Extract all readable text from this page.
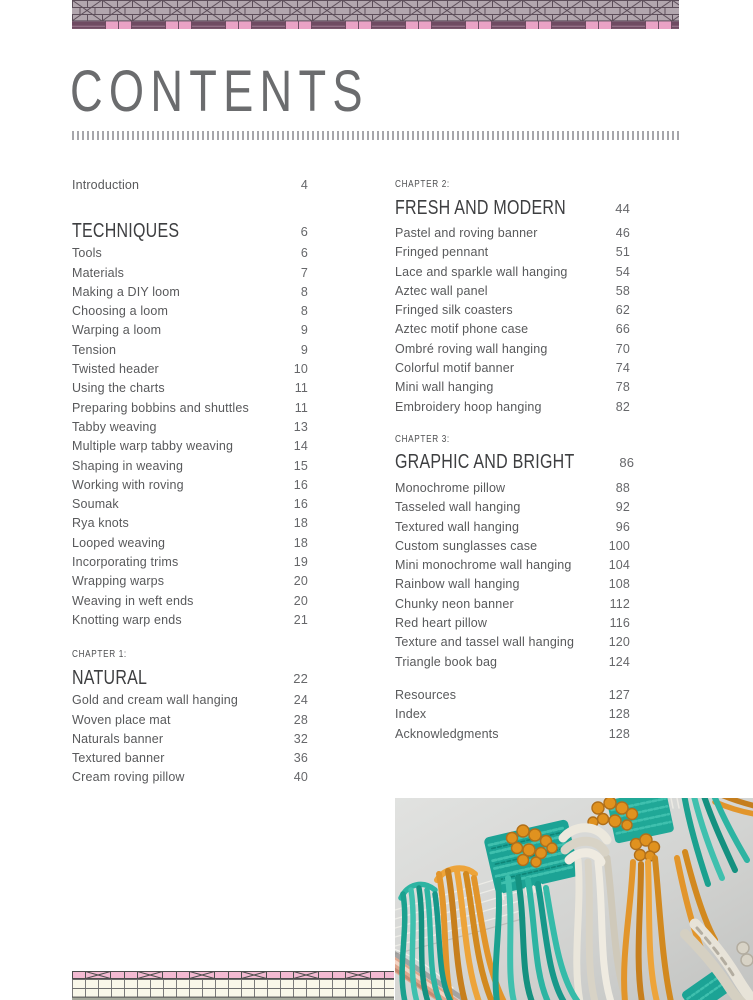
CONTENTS
Introduction	4
TECHNIQUES	6
Tools	6
Materials	7
Making a DIY loom	8
Choosing a loom	8
Warping a loom	9
Tension	9
Twisted header	10
Using the charts	11
Preparing bobbins and shuttles	11
Tabby weaving	13
Multiple warp tabby weaving	14
Shaping in weaving	15
Working with roving	16
Soumak	16
Rya knots	18
Looped weaving	18
Incorporating trims	19
Wrapping warps	20
Weaving in weft ends	20
Knotting warp ends	21
CHAPTER 1:
NATURAL	22
Gold and cream wall hanging	24
Woven place mat	28
Naturals banner	32
Textured banner	36
Cream roving pillow	40
CHAPTER 2:
FRESH AND MODERN	44
Pastel and roving banner	46
Fringed pennant	51
Lace and sparkle wall hanging	54
Aztec wall panel	58
Fringed silk coasters	62
Aztec motif phone case	66
Ombré roving wall hanging	70
Colorful motif banner	74
Mini wall hanging	78
Embroidery hoop hanging	82
CHAPTER 3:
GRAPHIC AND BRIGHT	86
Monochrome pillow	88
Tasseled wall hanging	92
Textured wall hanging	96
Custom sunglasses case	100
Mini monochrome wall hanging	104
Rainbow wall hanging	108
Chunky neon banner	112
Red heart pillow	116
Texture and tassel wall hanging	120
Triangle book bag	124
Resources	127
Index	128
Acknowledgments	128
